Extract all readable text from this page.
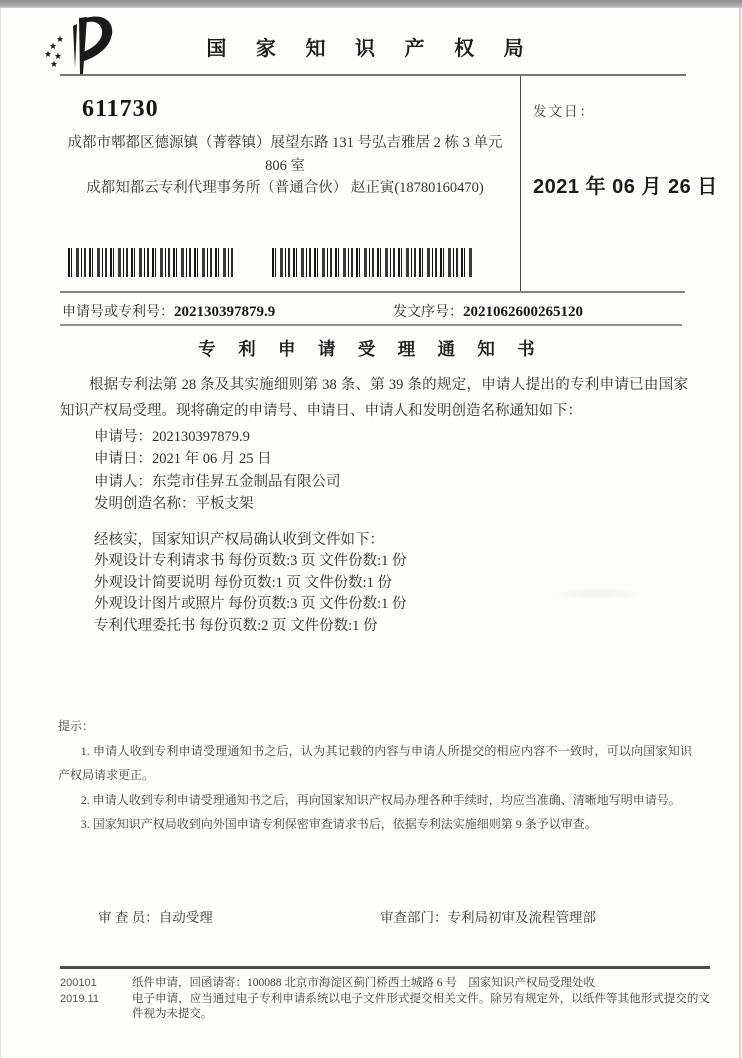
国 家 知 识 产 权 局
611730
成都市郫都区德源镇（菁蓉镇）展望东路 131 号弘吉雅居 2 栋 3 单元
806 室
成都知都云专利代理事务所（普通合伙） 赵正寅(18780160470)
发文日：
2021 年 06 月 26 日
申请号或专利号：202130397879.9	发文序号：2021062600265120
专 利 申 请 受 理 通 知 书

根据专利法第 28 条及其实施细则第 38 条、第 39 条的规定，申请人提出的专利申请已由国家知识产权局受理。现将确定的申请号、申请日、申请人和发明创造名称通知如下：

申请号：202130397879.9
申请日：2021 年 06 月 25 日
申请人：东莞市佳昇五金制品有限公司
发明创造名称：平板支架
经核实，国家知识产权局确认收到文件如下：
外观设计专利请求书 每份页数:3 页 文件份数:1 份
外观设计简要说明 每份页数:1 页 文件份数:1 份
外观设计图片或照片 每份页数:3 页 文件份数:1 份
专利代理委托书 每份页数:2 页 文件份数:1 份

提示：

1. 申请人收到专利申请受理通知书之后，认为其记载的内容与申请人所提交的相应内容不一致时，可以向国家知识产权局请求更正。

2. 申请人收到专利申请受理通知书之后，再向国家知识产权局办理各种手续时，均应当准确、清晰地写明申请号。

3. 国家知识产权局收到向外国申请专利保密审查请求书后，依据专利法实施细则第 9 条予以审查。

审 查 员：自动受理	审查部门：专利局初审及流程管理部
200101
2019.11
纸件申请，回函请寄：100088 北京市海淀区蓟门桥西土城路 6 号　国家知识产权局受理处收
电子申请，应当通过电子专利申请系统以电子文件形式提交相关文件。除另有规定外，以纸件等其他形式提交的文件视为未提交。
